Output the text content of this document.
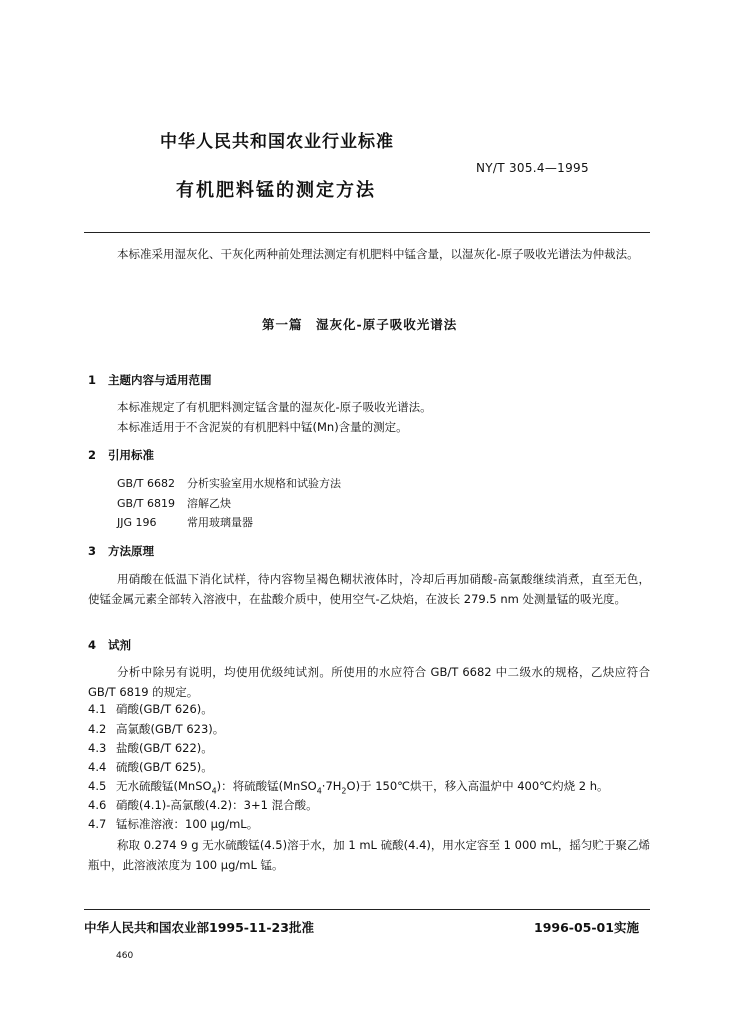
中华人民共和国农业行业标准
NY/T 305.4—1995
有机肥料锰的测定方法
本标准采用湿灰化、干灰化两种前处理法测定有机肥料中锰含量，以湿灰化-原子吸收光谱法为仲裁法。
第一篇　湿灰化-原子吸收光谱法
1 主题内容与适用范围
本标准规定了有机肥料测定锰含量的湿灰化-原子吸收光谱法。
本标准适用于不含泥炭的有机肥料中锰(Mn)含量的测定。
2 引用标准
GB/T 6682 分析实验室用水规格和试验方法
GB/T 6819 溶解乙炔
JJG 196	常用玻璃量器
3 方法原理
用硝酸在低温下消化试样，待内容物呈褐色糊状液体时，冷却后再加硝酸-高氯酸继续消煮，直至无色，使锰金属元素全部转入溶液中，在盐酸介质中，使用空气-乙炔焰，在波长 279.5 nm 处测量锰的吸光度。
4 试剂
分析中除另有说明，均使用优级纯试剂。所使用的水应符合 GB/T 6682 中二级水的规格，乙炔应符合 GB/T 6819 的规定。
4.1 硝酸(GB/T 626)。
4.2 高氯酸(GB/T 623)。
4.3 盐酸(GB/T 622)。
4.4 硫酸(GB/T 625)。
4.5 无水硫酸锰(MnSO$_4$)：将硫酸锰$(MnSO_4\cdot 7H_2O)$于 150℃烘干，移入高温炉中 400℃灼烧 2 h。
4.6 硝酸(4.1)-高氯酸(4.2)：3+1 混合酸。
4.7 锰标准溶液：100 μg/mL。
称取 0.274 9 g 无水硫酸锰(4.5)溶于水，加 1 mL 硫酸(4.4)，用水定容至 1 000 mL，摇匀贮于聚乙烯瓶中，此溶液浓度为 100 μg/mL 锰。
中华人民共和国农业部1995-11-23批准	1996-05-01实施
460
